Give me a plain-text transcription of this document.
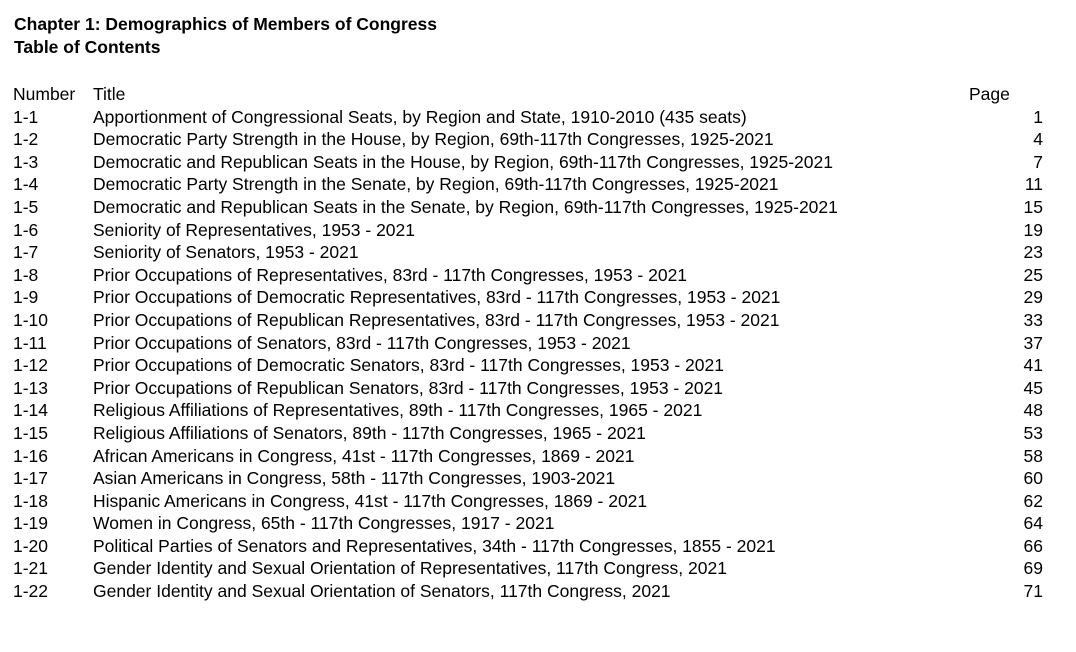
Chapter 1: Demographics of Members of Congress
Table of Contents
Number Title	Page
1-1	Apportionment of Congressional Seats, by Region and State, 1910-2010 (435 seats)	1
1-2	Democratic Party Strength in the House, by Region, 69th-117th Congresses, 1925-2021	4
1-3	Democratic and Republican Seats in the House, by Region, 69th-117th Congresses, 1925-2021	7
1-4	Democratic Party Strength in the Senate, by Region, 69th-117th Congresses, 1925-2021	11
1-5	Democratic and Republican Seats in the Senate, by Region, 69th-117th Congresses, 1925-2021	15
1-6	Seniority of Representatives, 1953 - 2021	19
1-7	Seniority of Senators, 1953 - 2021	23
1-8	Prior Occupations of Representatives, 83rd - 117th Congresses, 1953 - 2021	25
1-9	Prior Occupations of Democratic Representatives, 83rd - 117th Congresses, 1953 - 2021	29
1-10	Prior Occupations of Republican Representatives, 83rd - 117th Congresses, 1953 - 2021	33
1-11	Prior Occupations of Senators, 83rd - 117th Congresses, 1953 - 2021	37
1-12	Prior Occupations of Democratic Senators, 83rd - 117th Congresses, 1953 - 2021	41
1-13	Prior Occupations of Republican Senators, 83rd - 117th Congresses, 1953 - 2021	45
1-14	Religious Affiliations of Representatives, 89th - 117th Congresses, 1965 - 2021	48
1-15	Religious Affiliations of Senators, 89th - 117th Congresses, 1965 - 2021	53
1-16	African Americans in Congress, 41st - 117th Congresses, 1869 - 2021	58
1-17	Asian Americans in Congress, 58th - 117th Congresses, 1903-2021	60
1-18	Hispanic Americans in Congress, 41st - 117th Congresses, 1869 - 2021	62
1-19	Women in Congress, 65th - 117th Congresses, 1917 - 2021	64
1-20	Political Parties of Senators and Representatives, 34th - 117th Congresses, 1855 - 2021	66
1-21	Gender Identity and Sexual Orientation of Representatives, 117th Congress, 2021	69
1-22	Gender Identity and Sexual Orientation of Senators, 117th Congress, 2021	71
